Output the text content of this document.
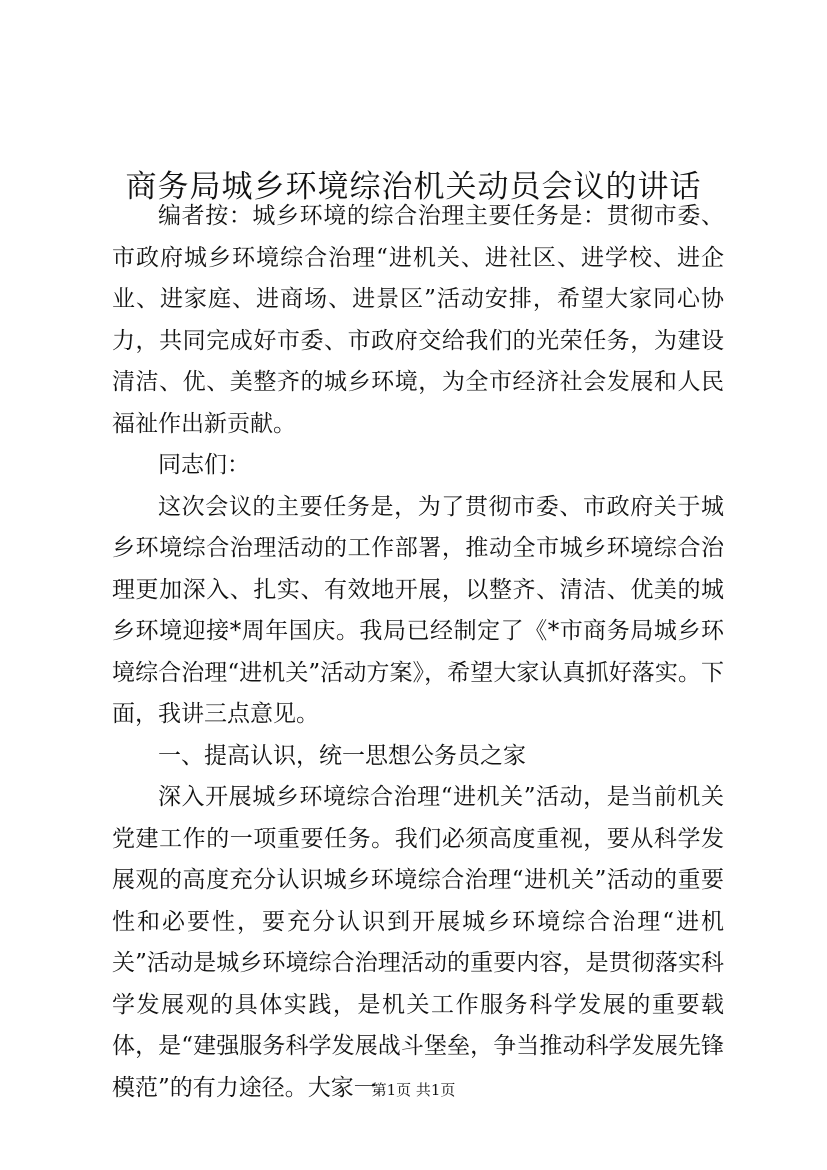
商务局城乡环境综治机关动员会议的讲话

编者按：城乡环境的综合治理主要任务是：贯彻市委、市政府城乡环境综合治理“进机关、进社区、进学校、进企业、进家庭、进商场、进景区”活动安排，希望大家同心协力，共同完成好市委、市政府交给我们的光荣任务，为建设清洁、优、美整齐的城乡环境，为全市经济社会发展和人民福祉作出新贡献。

同志们：

这次会议的主要任务是，为了贯彻市委、市政府关于城乡环境综合治理活动的工作部署，推动全市城乡环境综合治理更加深入、扎实、有效地开展，以整齐、清洁、优美的城乡环境迎接*周年国庆。我局已经制定了《*市商务局城乡环境综合治理“进机关”活动方案》，希望大家认真抓好落实。下面，我讲三点意见。

一、提高认识，统一思想公务员之家

深入开展城乡环境综合治理“进机关”活动，是当前机关党建工作的一项重要任务。我们必须高度重视，要从科学发展观的高度充分认识城乡环境综合治理“进机关”活动的重要性和必要性，要充分认识到开展城乡环境综合治理“进机关”活动是城乡环境综合治理活动的重要内容，是贯彻落实科学发展观的具体实践，是机关工作服务科学发展的重要载体，是“建强服务科学发展战斗堡垒，争当推动科学发展先锋模范”的有力途径。大家一

第1页 共1页
